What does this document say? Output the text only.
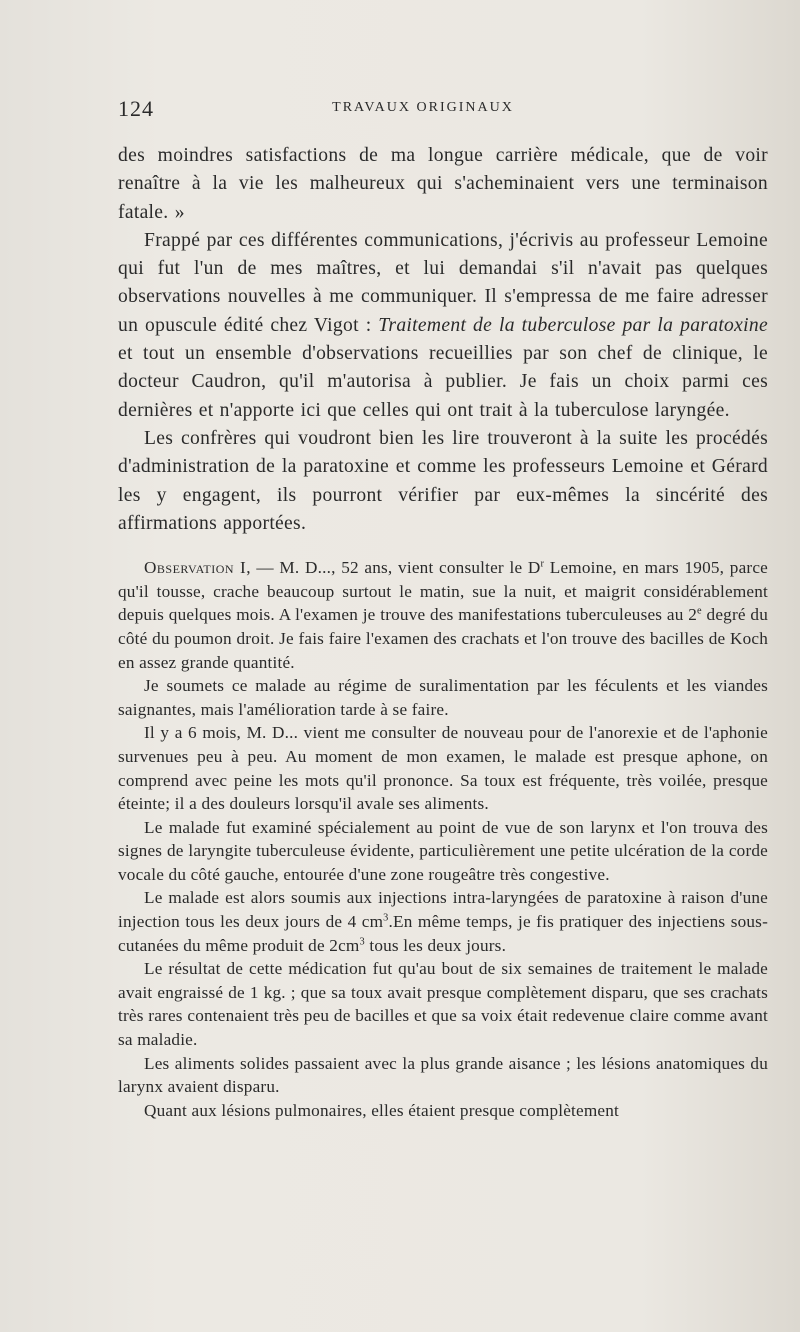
124	TRAVAUX ORIGINAUX

des moindres satisfactions de ma longue carrière médicale, que de voir renaître à la vie les malheureux qui s'acheminaient vers une terminaison fatale. »

Frappé par ces différentes communications, j'écrivis au professeur Lemoine qui fut l'un de mes maîtres, et lui demandai s'il n'avait pas quelques observations nouvelles à me communiquer. Il s'empressa de me faire adresser un opuscule édité chez Vigot : Traitement de la tuberculose par la paratoxine et tout un ensemble d'observations recueillies par son chef de clinique, le docteur Caudron, qu'il m'autorisa à publier. Je fais un choix parmi ces dernières et n'apporte ici que celles qui ont trait à la tuberculose laryngée.

Les confrères qui voudront bien les lire trouveront à la suite les procédés d'administration de la paratoxine et comme les professeurs Lemoine et Gérard les y engagent, ils pourront vérifier par eux-mêmes la sincérité des affirmations apportées.

Observation I, — M. D..., 52 ans, vient consulter le $D^r$ Lemoine, en mars 1905, parce qu'il tousse, crache beaucoup surtout le matin, sue la nuit, et maigrit considérablement depuis quelques mois. A l'examen je trouve des manifestations tuberculeuses au 2e degré du côté du poumon droit. Je fais faire l'examen des crachats et l'on trouve des bacilles de Koch en assez grande quantité.

Je soumets ce malade au régime de suralimentation par les féculents et les viandes saignantes, mais l'amélioration tarde à se faire.

Il y a 6 mois, M. D... vient me consulter de nouveau pour de l'anorexie et de l'aphonie survenues peu à peu. Au moment de mon examen, le malade est presque aphone, on comprend avec peine les mots qu'il prononce. Sa toux est fréquente, très voilée, presque éteinte; il a des douleurs lorsqu'il avale ses aliments.

Le malade fut examiné spécialement au point de vue de son larynx et l'on trouva des signes de laryngite tuberculeuse évidente, particulièrement une petite ulcération de la corde vocale du côté gauche, entourée d'une zone rougeâtre très congestive.

Le malade est alors soumis aux injections intra-laryngées de paratoxine à raison d'une injection tous les deux jours de 4 $cm^3.En$ même temps, je fis pratiquer des injectiens sous-cutanées du même produit de $2cm^3$ tous les deux jours.

Le résultat de cette médication fut qu'au bout de six semaines de traitement le malade avait engraissé de 1 kg. ; que sa toux avait presque complètement disparu, que ses crachats très rares contenaient très peu de bacilles et que sa voix était redevenue claire comme avant sa maladie.

Les aliments solides passaient avec la plus grande aisance ; les lésions anatomiques du larynx avaient disparu.

Quant aux lésions pulmonaires, elles étaient presque complètement
